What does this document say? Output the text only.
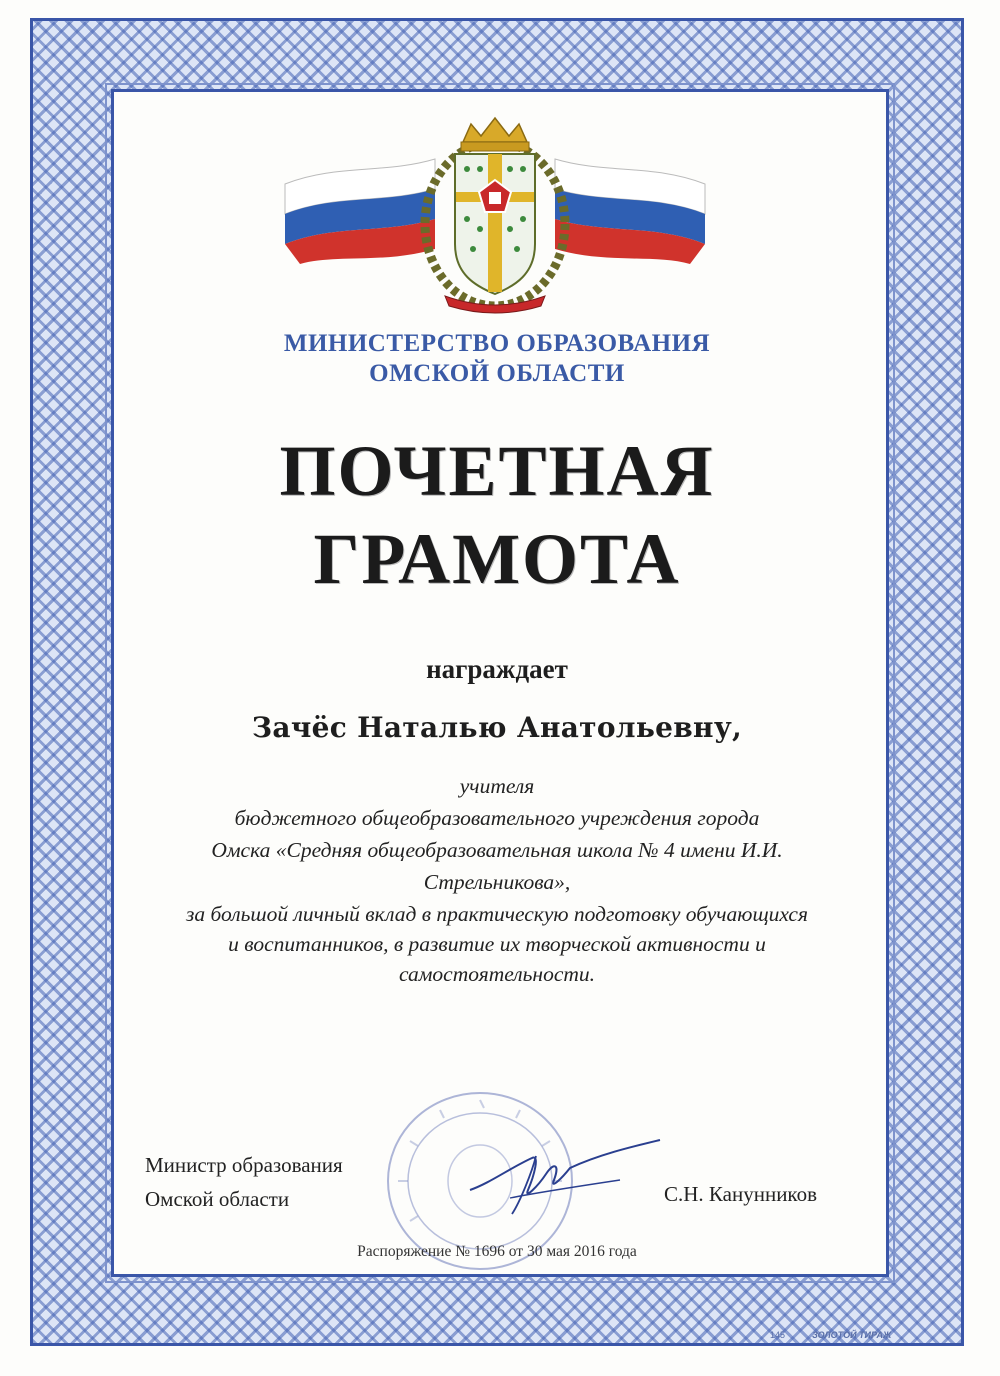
МИНИСТЕРСТВО ОБРАЗОВАНИЯ
ОМСКОЙ ОБЛАСТИ
ПОЧЕТНАЯ
ГРАМОТА
награждает
Зачёс Наталью Анатольевну,
учителя
бюджетного общеобразовательного учреждения города
Омска «Средняя общеобразовательная школа № 4 имени И.И.
Стрельникова»,
за большой личный вклад в практическую подготовку обучающихся
и воспитанников, в развитие их творческой активности и
самостоятельности.
Министр образования
Омской области	С.Н. Канунников
Распоряжение № 1696 от 30 мая 2016 года
145	ЗОЛОТОЙ ТИРАЖ
